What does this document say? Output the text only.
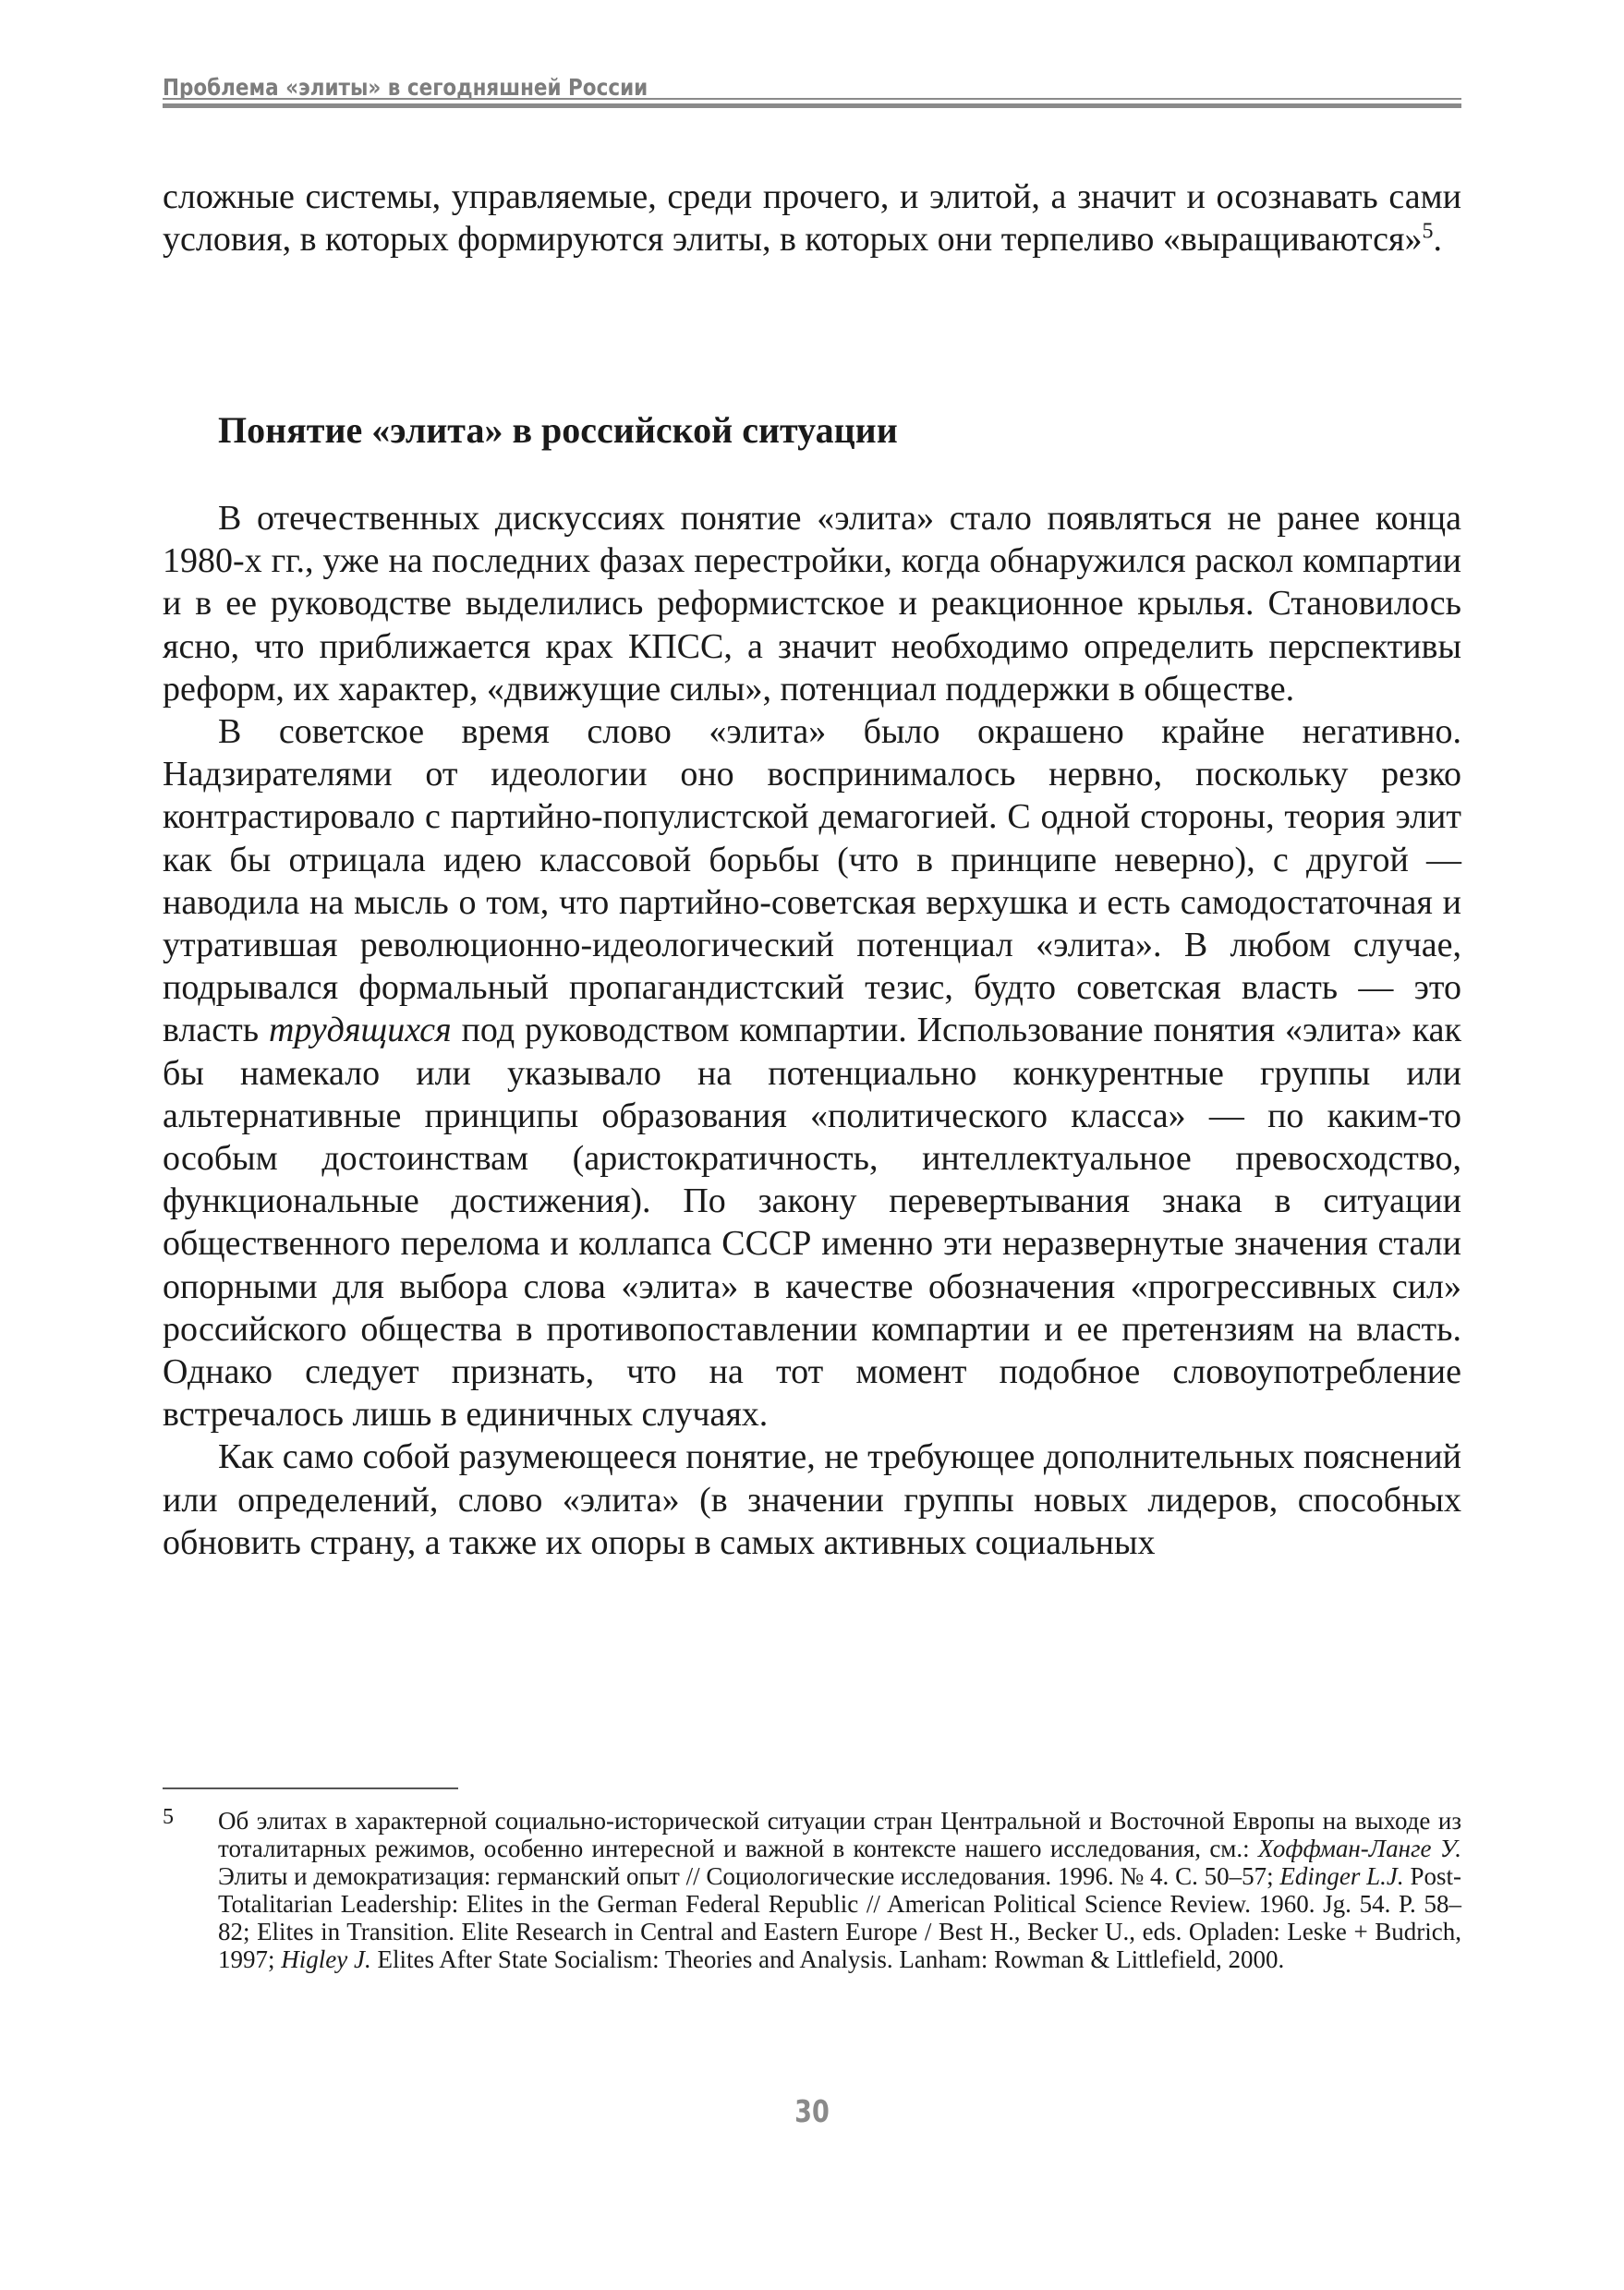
Проблема «элиты» в сегодняшней России

сложные системы, управляемые, среди прочего, и элитой, а значит и осознавать сами условия, в которых формируются элиты, в которых они терпеливо «выращиваются»$^5$.

Понятие «элита» в российской ситуации

В отечественных дискуссиях понятие «элита» стало появляться не ранее конца 1980-х гг., уже на последних фазах перестройки, когда обнаружился раскол компартии и в ее руководстве выделились реформистское и реакционное крылья. Становилось ясно, что приближается крах КПСС, а значит необходимо определить перспективы реформ, их характер, «движущие силы», потенциал поддержки в обществе.

В советское время слово «элита» было окрашено крайне негативно. Надзирателями от идеологии оно воспринималось нервно, поскольку резко контрастировало с партийно-популистской демагогией. С одной стороны, теория элит как бы отрицала идею классовой борьбы (что в принципе неверно), с другой — наводила на мысль о том, что партийно-советская верхушка и есть самодостаточная и утратившая революционно-идеологический потенциал «элита». В любом случае, подрывался формальный пропагандистский тезис, будто советская власть — это власть трудящихся под руководством компартии. Использование понятия «элита» как бы намекало или указывало на потенциально конкурентные группы или альтернативные принципы образования «политического класса» — по каким-то особым достоинствам (аристократичность, интеллектуальное превосходство, функциональные достижения). По закону перевертывания знака в ситуации общественного перелома и коллапса СССР именно эти неразвернутые значения стали опорными для выбора слова «элита» в качестве обозначения «прогрессивных сил» российского общества в противопоставлении компартии и ее претензиям на власть. Однако следует признать, что на тот момент подобное словоупотребление встречалось лишь в единичных случаях.

Как само собой разумеющееся понятие, не требующее дополнительных пояснений или определений, слово «элита» (в значении группы новых лидеров, способных обновить страну, а также их опоры в самых активных социальных

5 Об элитах в характерной социально-исторической ситуации стран Центральной и Восточной Европы на выходе из тоталитарных режимов, особенно интересной и важной в контексте нашего исследования, см.: Хоффман-Ланге У. Элиты и демократизация: германский опыт // Социологические исследования. 1996. № 4. С. 50–57; Edinger L.J. Post-Totalitarian Leadership: Elites in the German Federal Republic // American Political Science Review. 1960. Jg. 54. P. 58–82; Elites in Transition. Elite Research in Central and Eastern Europe / Best H., Becker U., eds. Opladen: Leske + Budrich, 1997; Higley J. Elites After State Socialism: Theories and Analysis. Lanham: Rowman & Littlefield, 2000.
30
